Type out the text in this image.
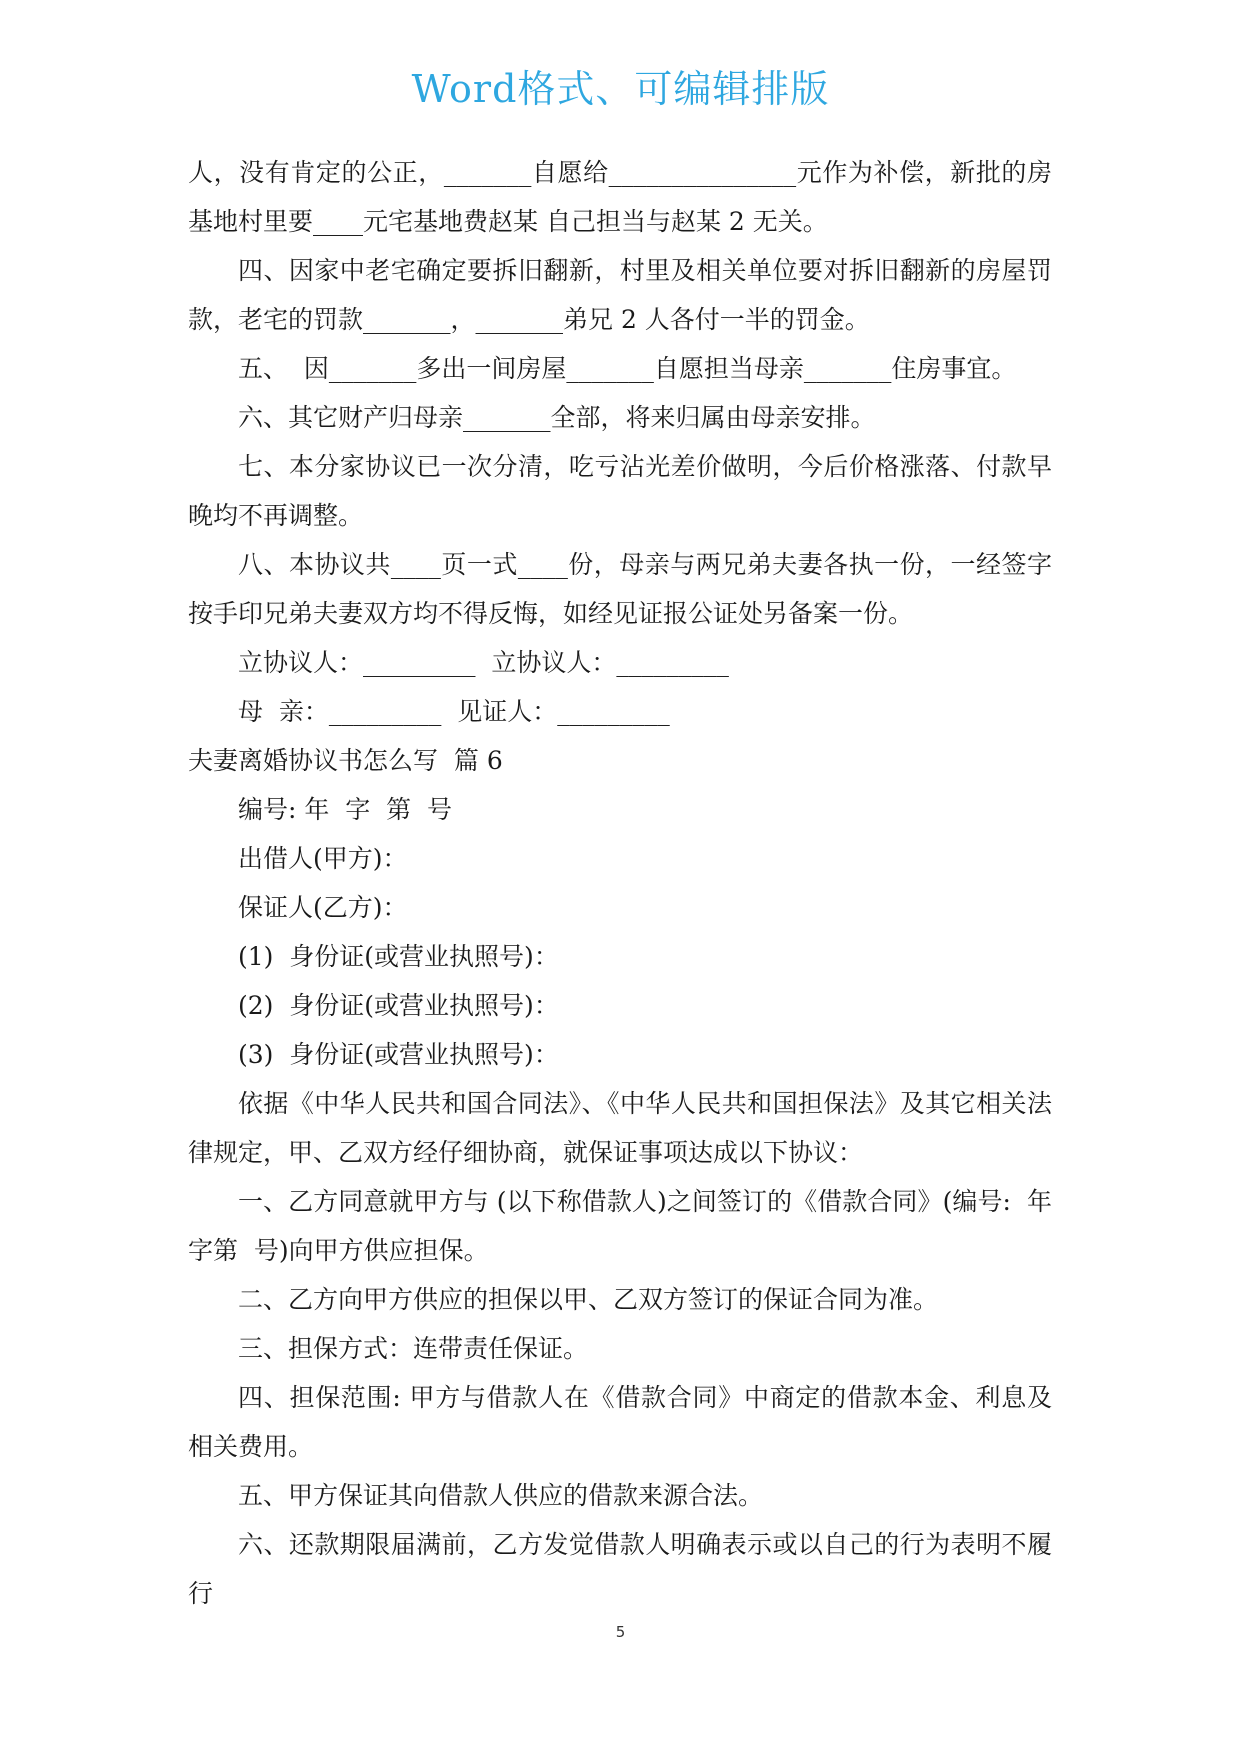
Word格式、可编辑排版

人，没有肯定的公正，_______自愿给_______________元作为补偿，新批的房基地村里要____元宅基地费赵某 自己担当与赵某 2 无关。

四、因家中老宅确定要拆旧翻新，村里及相关单位要对拆旧翻新的房屋罚款，老宅的罚款_______，_______弟兄 2 人各付一半的罚金。

五、  因_______多出一间房屋_______自愿担当母亲_______住房事宜。

六、其它财产归母亲_______全部，将来归属由母亲安排。

七、本分家协议已一次分清，吃亏沾光差价做明，今后价格涨落、付款早晚均不再调整。

八、本协议共____页一式____份，母亲与两兄弟夫妻各执一份，一经签字按手印兄弟夫妻双方均不得反悔，如经见证报公证处另备案一份。

立协议人：_________  立协议人：_________

母  亲：_________  见证人：_________

夫妻离婚协议书怎么写  篇 6

编号: 年  字  第  号

出借人(甲方)：

保证人(乙方)：

(1)  身份证(或营业执照号)：

(2)  身份证(或营业执照号)：

(3)  身份证(或营业执照号)：

依据《中华人民共和国合同法》、《中华人民共和国担保法》及其它相关法律规定，甲、乙双方经仔细协商，就保证事项达成以下协议：

一、乙方同意就甲方与 (以下称借款人)之间签订的《借款合同》(编号:  年字第  号)向甲方供应担保。

二、乙方向甲方供应的担保以甲、乙双方签订的保证合同为准。

三、担保方式：连带责任保证。

四、担保范围: 甲方与借款人在《借款合同》中商定的借款本金、利息及相关费用。

五、甲方保证其向借款人供应的借款来源合法。

六、还款期限届满前，乙方发觉借款人明确表示或以自己的行为表明不履行

5
